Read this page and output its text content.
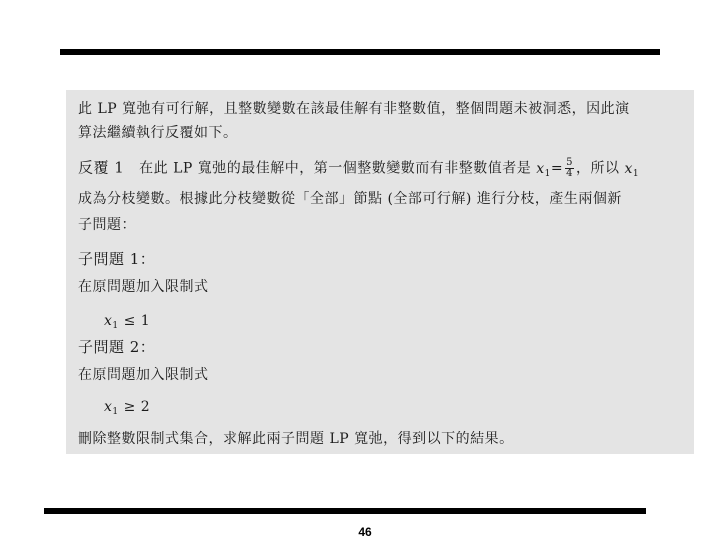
此 LP 寬弛有可行解，且整數變數在該最佳解有非整數值，整個問題未被洞悉，因此演
算法繼續執行反覆如下。
反覆 1 在此 LP 寬弛的最佳解中，第一個整數變數而有非整數值者是 $x_1= \frac{5}{4}$ ，所以 $x_1$
成為分枝變數。根據此分枝變數從「全部」節點 (全部可行解) 進行分枝，產生兩個新
子問題：
子問題 1：
在原問題加入限制式
$x_1 \le 1$
子問題 2：
在原問題加入限制式
$x_1 \ge 2$
刪除整數限制式集合，求解此兩子問題 LP 寬弛，得到以下的結果。
46
